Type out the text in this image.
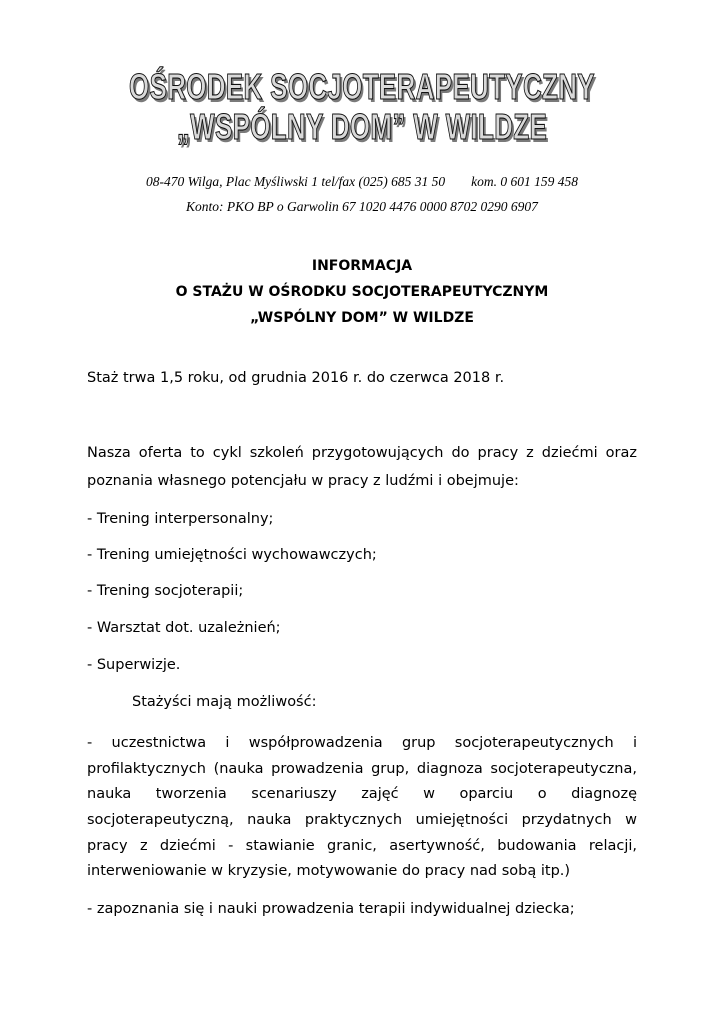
OŚRODEK SOCJOTERAPEUTYCZNY
„WSPÓLNY DOM” W WILDZE
08-470 Wilga, Plac Myśliwski 1 tel/fax (025) 685 31 50 kom. 0 601 159 458
Konto: PKO BP o Garwolin 67 1020 4476 0000 8702 0290 6907
INFORMACJA
O STAŻU W OŚRODKU SOCJOTERAPEUTYCZNYM
„WSPÓLNY DOM” W WILDZE
Staż trwa 1,5 roku, od grudnia 2016 r. do czerwca 2018 r.
Nasza oferta to cykl szkoleń przygotowujących do pracy z dziećmi oraz
poznania własnego potencjału w pracy z ludźmi i obejmuje:
- Trening interpersonalny;
- Trening umiejętności wychowawczych;
- Trening socjoterapii;
- Warsztat dot. uzależnień;
- Superwizje.
Stażyści mają możliwość:
- uczestnictwa i współprowadzenia grup socjoterapeutycznych i
profilaktycznych (nauka prowadzenia grup, diagnoza socjoterapeutyczna,
nauka tworzenia scenariuszy zajęć w oparciu o diagnozę
socjoterapeutyczną, nauka praktycznych umiejętności przydatnych w
pracy z dziećmi - stawianie granic, asertywność, budowania relacji,
interweniowanie w kryzysie, motywowanie do pracy nad sobą itp.)
- zapoznania się i nauki prowadzenia terapii indywidualnej dziecka;
